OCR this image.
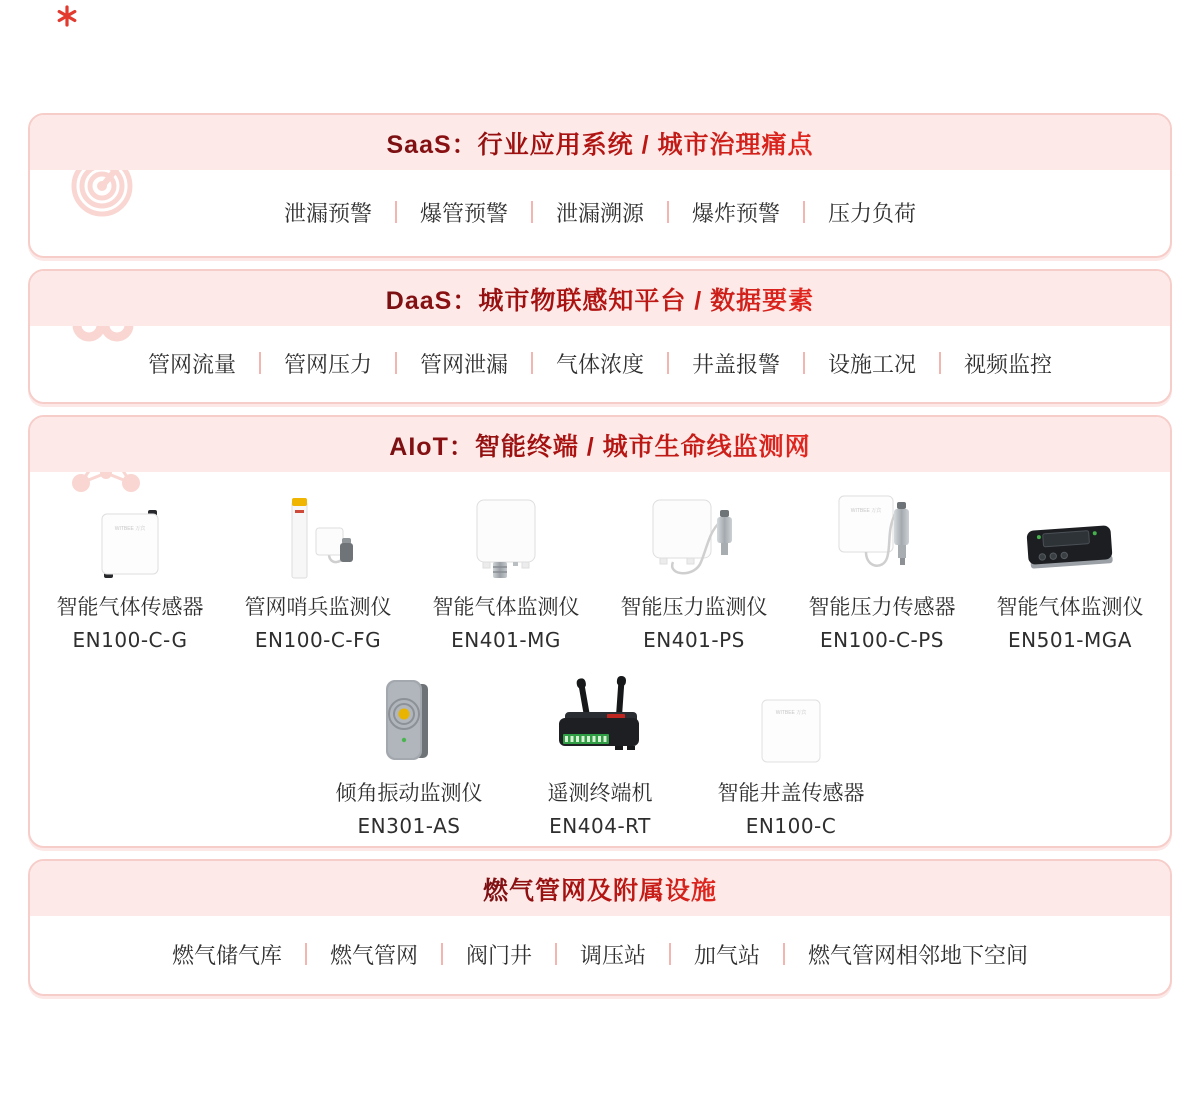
SaaS：行业应用系统 / 城市治理痛点
泄漏预警	爆管预警	泄漏溯源	爆炸预警	压力负荷
DaaS：城市物联感知平台 / 数据要素
管网流量	管网压力	管网泄漏	气体浓度	井盖报警	设施工况	视频监控
AIoT：智能终端 / 城市生命线监测网
WITBEE 万宾
智能气体传感器
EN100-C-G
管网哨兵监测仪
EN100-C-FG
智能气体监测仪
EN401-MG
智能压力监测仪
EN401-PS
WITBEE 万宾
智能压力传感器
EN100-C-PS
智能气体监测仪
EN501-MGA
倾角振动监测仪
EN301-AS
遥测终端机
EN404-RT
WITBEE 万宾
智能井盖传感器
EN100-C
燃气管网及附属设施
燃气储气库	燃气管网	阀门井	调压站	加气站	燃气管网相邻地下空间
